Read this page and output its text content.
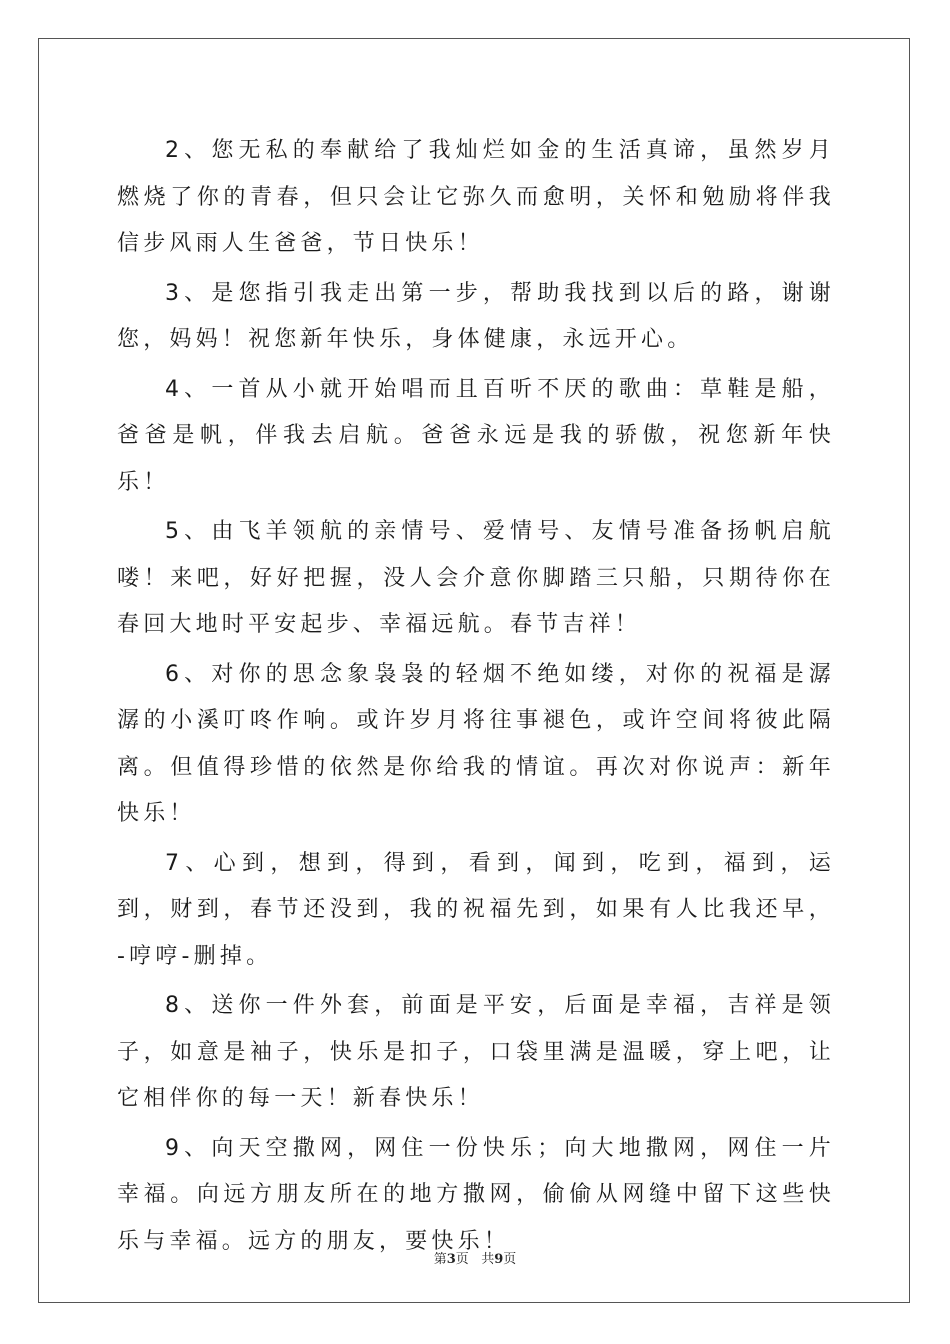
2、您无私的奉献给了我灿烂如金的生活真谛，虽然岁月燃烧了你的青春，但只会让它弥久而愈明，关怀和勉励将伴我信步风雨人生爸爸，节日快乐！

3、是您指引我走出第一步，帮助我找到以后的路，谢谢您，妈妈！祝您新年快乐，身体健康，永远开心。

4、一首从小就开始唱而且百听不厌的歌曲：草鞋是船，爸爸是帆，伴我去启航。爸爸永远是我的骄傲，祝您新年快乐！

5、由飞羊领航的亲情号、爱情号、友情号准备扬帆启航喽！来吧，好好把握，没人会介意你脚踏三只船，只期待你在春回大地时平安起步、幸福远航。春节吉祥！

6、对你的思念象袅袅的轻烟不绝如缕，对你的祝福是潺潺的小溪叮咚作响。或许岁月将往事褪色，或许空间将彼此隔离。但值得珍惜的依然是你给我的情谊。再次对你说声：新年快乐！

7、心到，想到，得到，看到，闻到，吃到，福到，运到，财到，春节还没到，我的祝福先到，如果有人比我还早，-哼哼-删掉。

8、送你一件外套，前面是平安，后面是幸福，吉祥是领子，如意是袖子，快乐是扣子，口袋里满是温暖，穿上吧，让它相伴你的每一天！新春快乐！

9、向天空撒网，网住一份快乐；向大地撒网，网住一片幸福。向远方朋友所在的地方撒网，偷偷从网缝中留下这些快乐与幸福。远方的朋友，要快乐！

第3页 共9页
